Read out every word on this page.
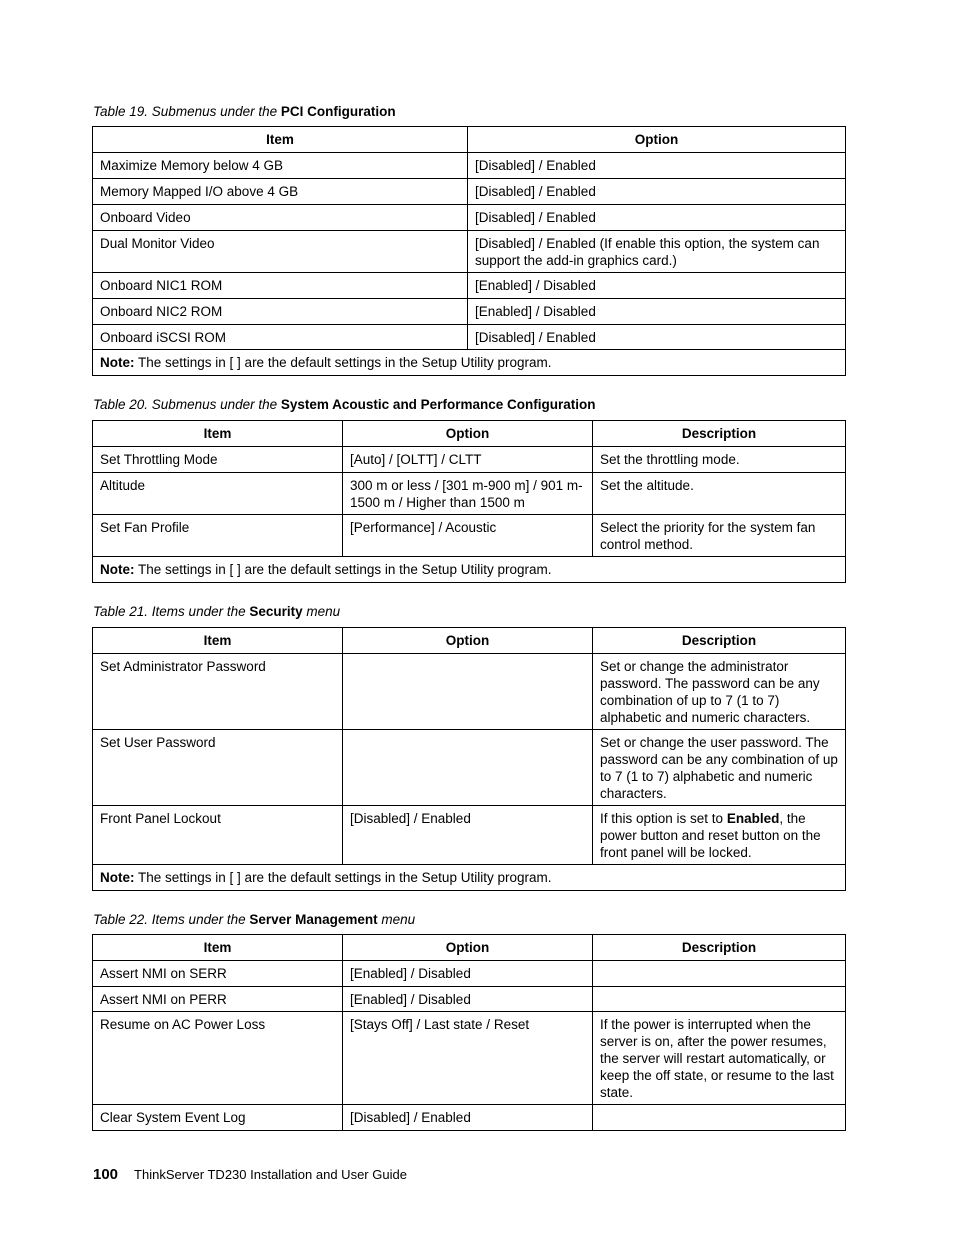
Table 19. Submenus under the PCI Configuration
Item	Option
Maximize Memory below 4 GB	[Disabled] / Enabled
Memory Mapped I/O above 4 GB	[Disabled] / Enabled
Onboard Video	[Disabled] / Enabled
Dual Monitor Video	[Disabled] / Enabled (If enable this option, the system can support the add-in graphics card.)
Onboard NIC1 ROM	[Enabled] / Disabled
Onboard NIC2 ROM	[Enabled] / Disabled
Onboard iSCSI ROM	[Disabled] / Enabled
Note: The settings in [ ] are the default settings in the Setup Utility program.	
Table 20. Submenus under the System Acoustic and Performance Configuration
Item	Option	Description
Set Throttling Mode	[Auto] / [OLTT] / CLTT	Set the throttling mode.
Altitude	300 m or less / [301 m-900 m] / 901 m-1500 m / Higher than 1500 m	Set the altitude.
Set Fan Profile	[Performance] / Acoustic	Select the priority for the system fan control method.
Note: The settings in [ ] are the default settings in the Setup Utility program.		
Table 21. Items under the Security menu
Item	Option	Description
Set Administrator Password		Set or change the administrator password. The password can be any combination of up to 7 (1 to 7) alphabetic and numeric characters.
Set User Password		Set or change the user password. The password can be any combination of up to 7 (1 to 7) alphabetic and numeric characters.
Front Panel Lockout	[Disabled] / Enabled	If this option is set to Enabled, the power button and reset button on the front panel will be locked.
Note: The settings in [ ] are the default settings in the Setup Utility program.		
Table 22. Items under the Server Management menu
Item	Option	Description
Assert NMI on SERR	[Enabled] / Disabled	
Assert NMI on PERR	[Enabled] / Disabled	
Resume on AC Power Loss	[Stays Off] / Last state / Reset	If the power is interrupted when the server is on, after the power resumes, the server will restart automatically, or keep the off state, or resume to the last state.
Clear System Event Log	[Disabled] / Enabled	
100 ThinkServer TD230 Installation and User Guide
